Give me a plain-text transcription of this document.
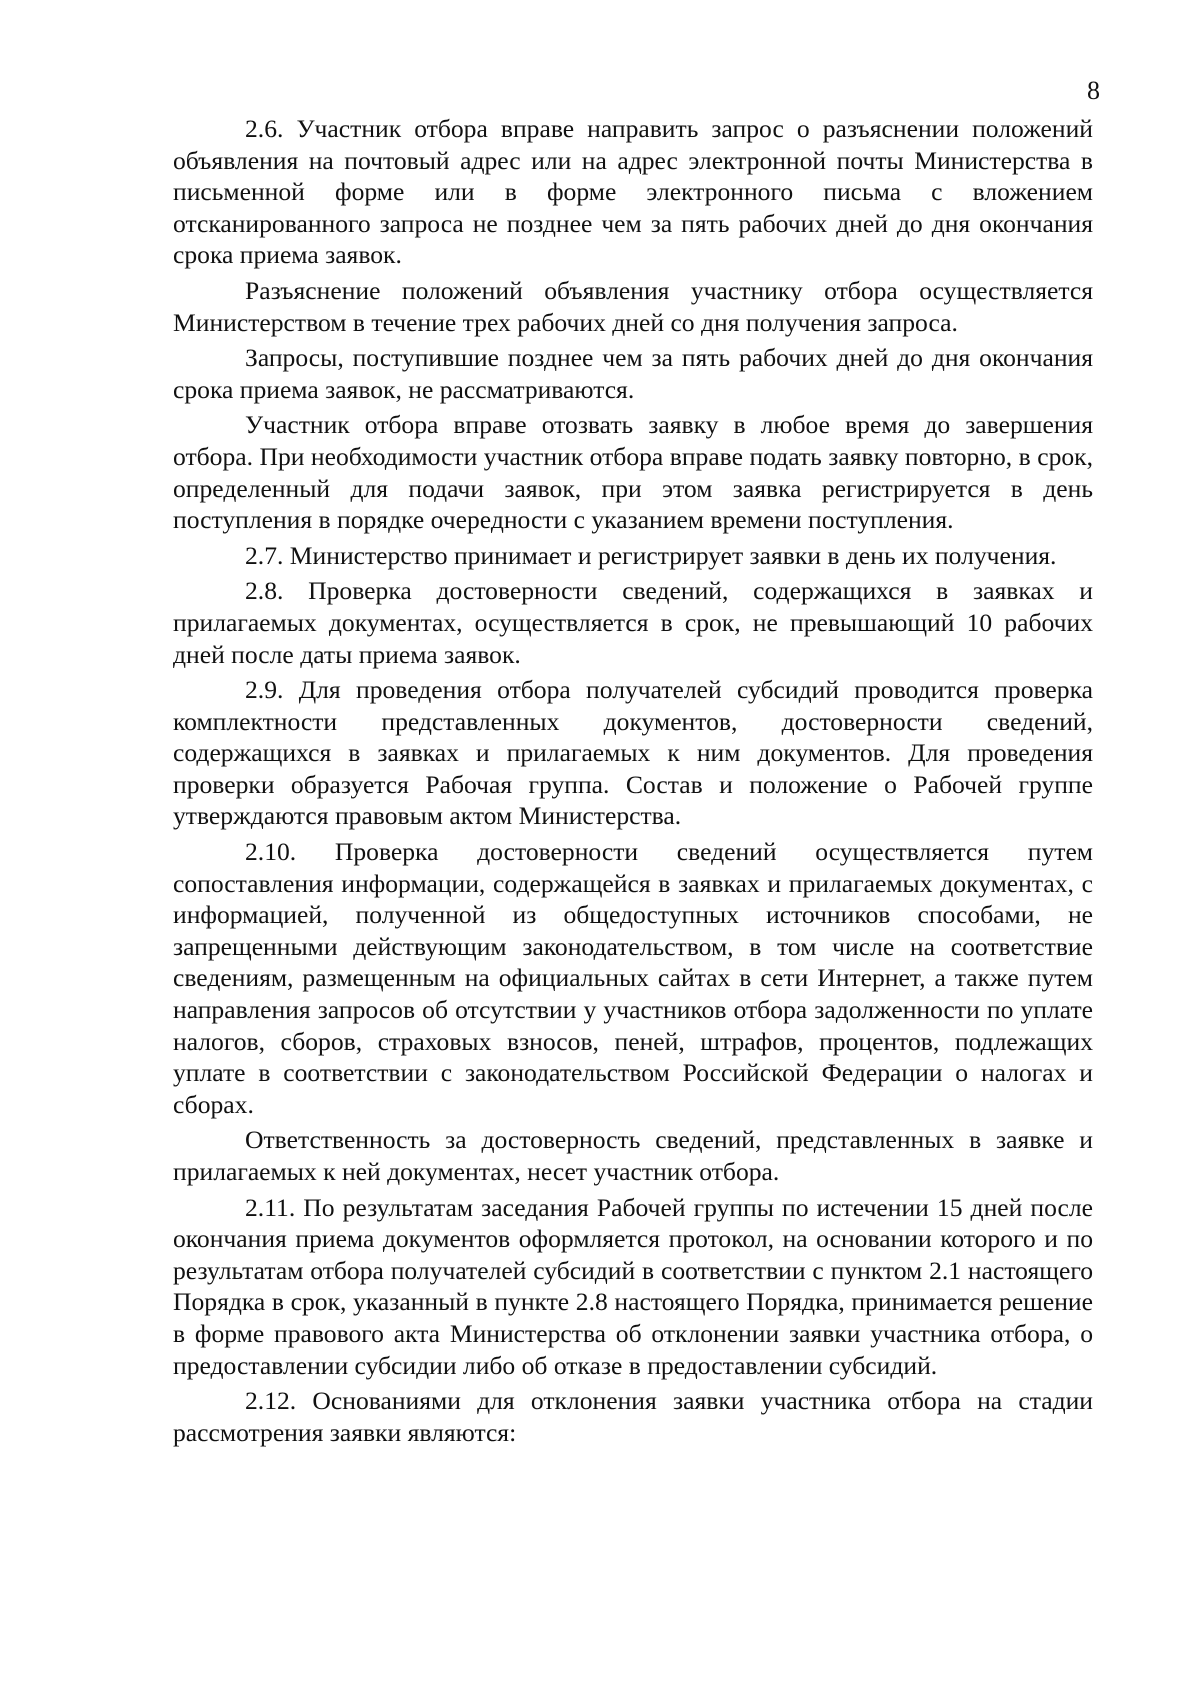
8

2.6. Участник отбора вправе направить запрос о разъяснении положений объявления на почтовый адрес или на адрес электронной почты Министерства в письменной форме или в форме электронного письма с вложением отсканированного запроса не позднее чем за пять рабочих дней до дня окончания срока приема заявок.

Разъяснение положений объявления участнику отбора осуществляется Министерством в течение трех рабочих дней со дня получения запроса.

Запросы, поступившие позднее чем за пять рабочих дней до дня окончания срока приема заявок, не рассматриваются.

Участник отбора вправе отозвать заявку в любое время до завершения отбора. При необходимости участник отбора вправе подать заявку повторно, в срок, определенный для подачи заявок, при этом заявка регистрируется в день поступления в порядке очередности с указанием времени поступления.

2.7. Министерство принимает и регистрирует заявки в день их получения.

2.8. Проверка достоверности сведений, содержащихся в заявках и прилагаемых документах, осуществляется в срок, не превышающий 10 рабочих дней после даты приема заявок.

2.9. Для проведения отбора получателей субсидий проводится проверка комплектности представленных документов, достоверности сведений, содержащихся в заявках и прилагаемых к ним документов. Для проведения проверки образуется Рабочая группа. Состав и положение о Рабочей группе утверждаются правовым актом Министерства.

2.10. Проверка достоверности сведений осуществляется путем сопоставления информации, содержащейся в заявках и прилагаемых документах, с информацией, полученной из общедоступных источников способами, не запрещенными действующим законодательством, в том числе на соответствие сведениям, размещенным на официальных сайтах в сети Интернет, а также путем направления запросов об отсутствии у участников отбора задолженности по уплате налогов, сборов, страховых взносов, пеней, штрафов, процентов, подлежащих уплате в соответствии с законодательством Российской Федерации о налогах и сборах.

Ответственность за достоверность сведений, представленных в заявке и прилагаемых к ней документах, несет участник отбора.

2.11. По результатам заседания Рабочей группы по истечении 15 дней после окончания приема документов оформляется протокол, на основании которого и по результатам отбора получателей субсидий в соответствии с пунктом 2.1 настоящего Порядка в срок, указанный в пункте 2.8 настоящего Порядка, принимается решение в форме правового акта Министерства об отклонении заявки участника отбора, о предоставлении субсидии либо об отказе в предоставлении субсидий.

2.12. Основаниями для отклонения заявки участника отбора на стадии рассмотрения заявки являются:
